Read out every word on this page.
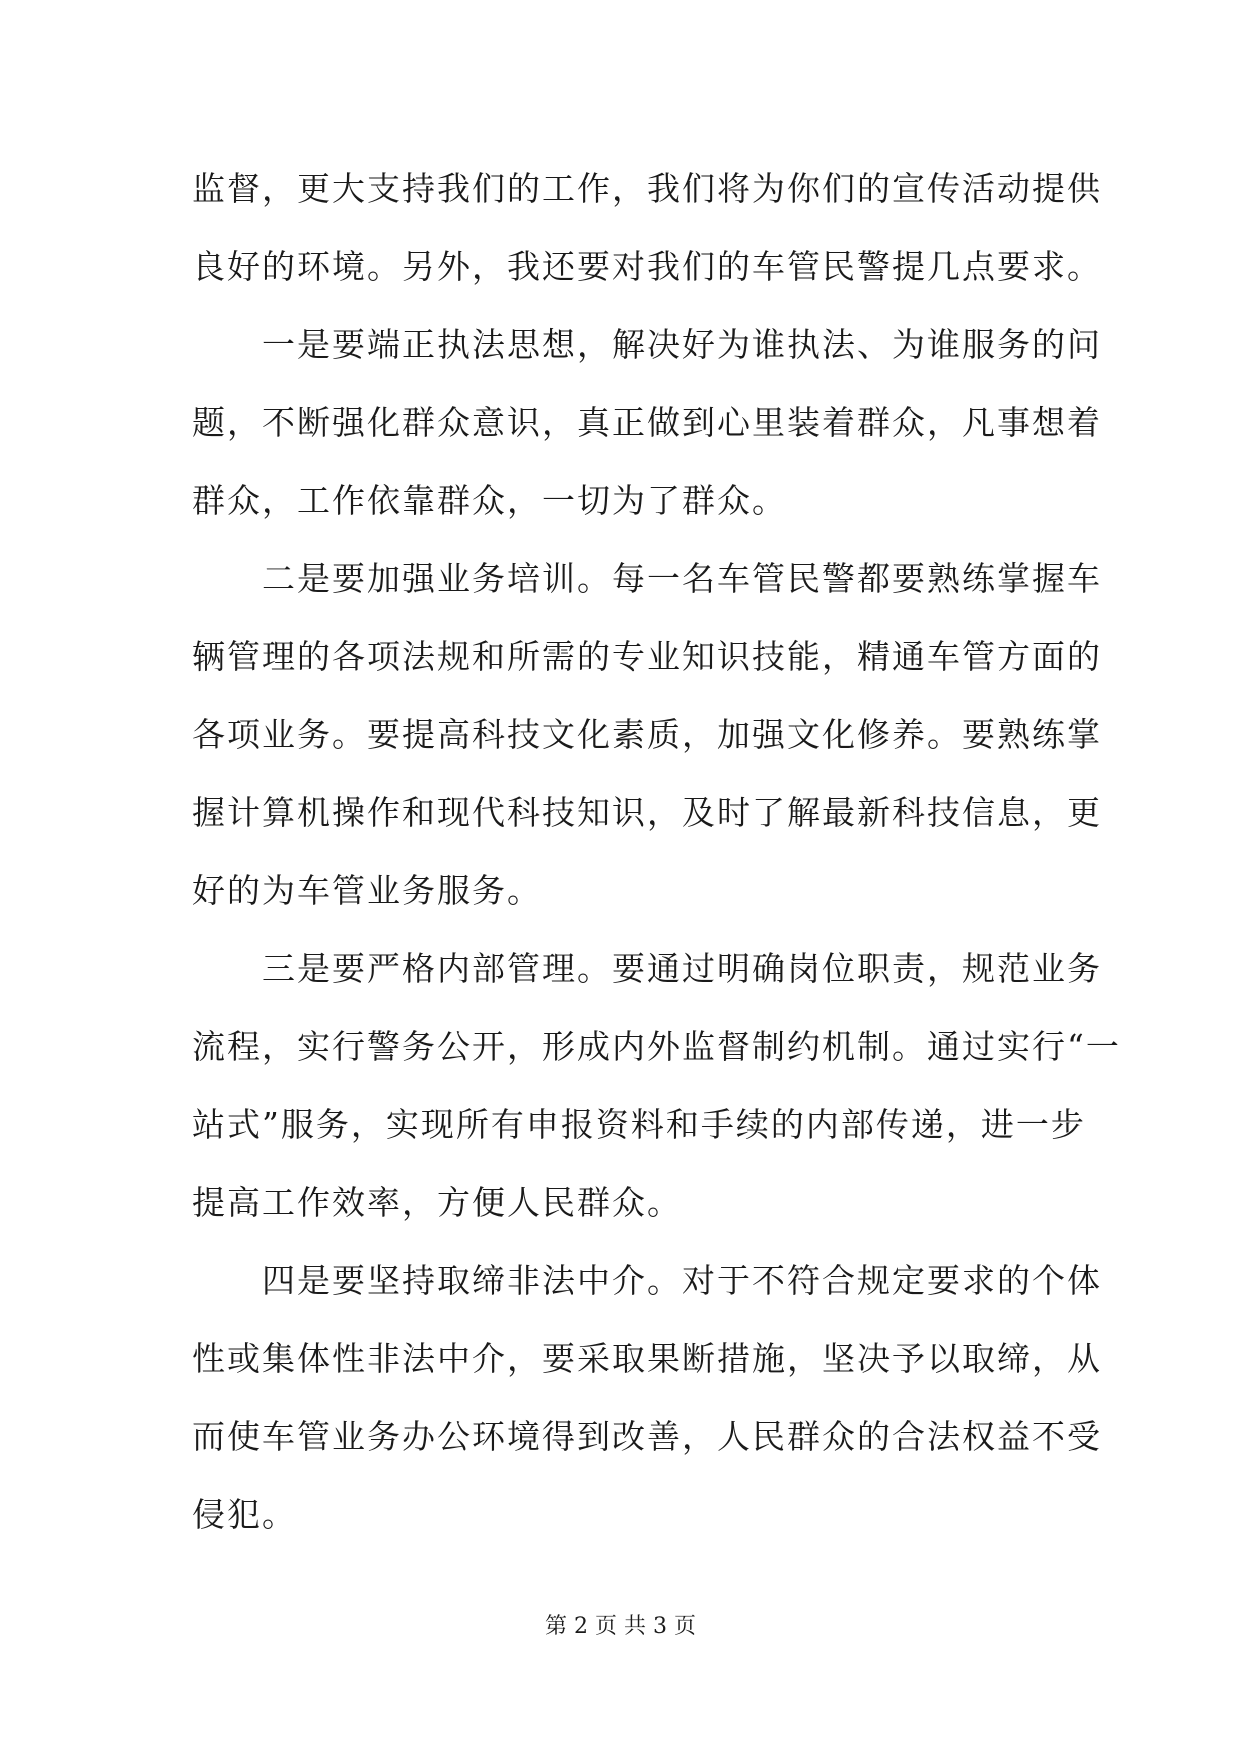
监督，更大支持我们的工作，我们将为你们的宣传活动提供
良好的环境。另外，我还要对我们的车管民警提几点要求。
　　一是要端正执法思想，解决好为谁执法、为谁服务的问
题，不断强化群众意识，真正做到心里装着群众，凡事想着
群众，工作依靠群众，一切为了群众。
　　二是要加强业务培训。每一名车管民警都要熟练掌握车
辆管理的各项法规和所需的专业知识技能，精通车管方面的
各项业务。要提高科技文化素质，加强文化修养。要熟练掌
握计算机操作和现代科技知识，及时了解最新科技信息，更
好的为车管业务服务。
　　三是要严格内部管理。要通过明确岗位职责，规范业务
流程，实行警务公开，形成内外监督制约机制。通过实行“一
站式”服务，实现所有申报资料和手续的内部传递，进一步
提高工作效率，方便人民群众。
　　四是要坚持取缔非法中介。对于不符合规定要求的个体
性或集体性非法中介，要采取果断措施，坚决予以取缔，从
而使车管业务办公环境得到改善，人民群众的合法权益不受
侵犯。
第 2 页 共 3 页
